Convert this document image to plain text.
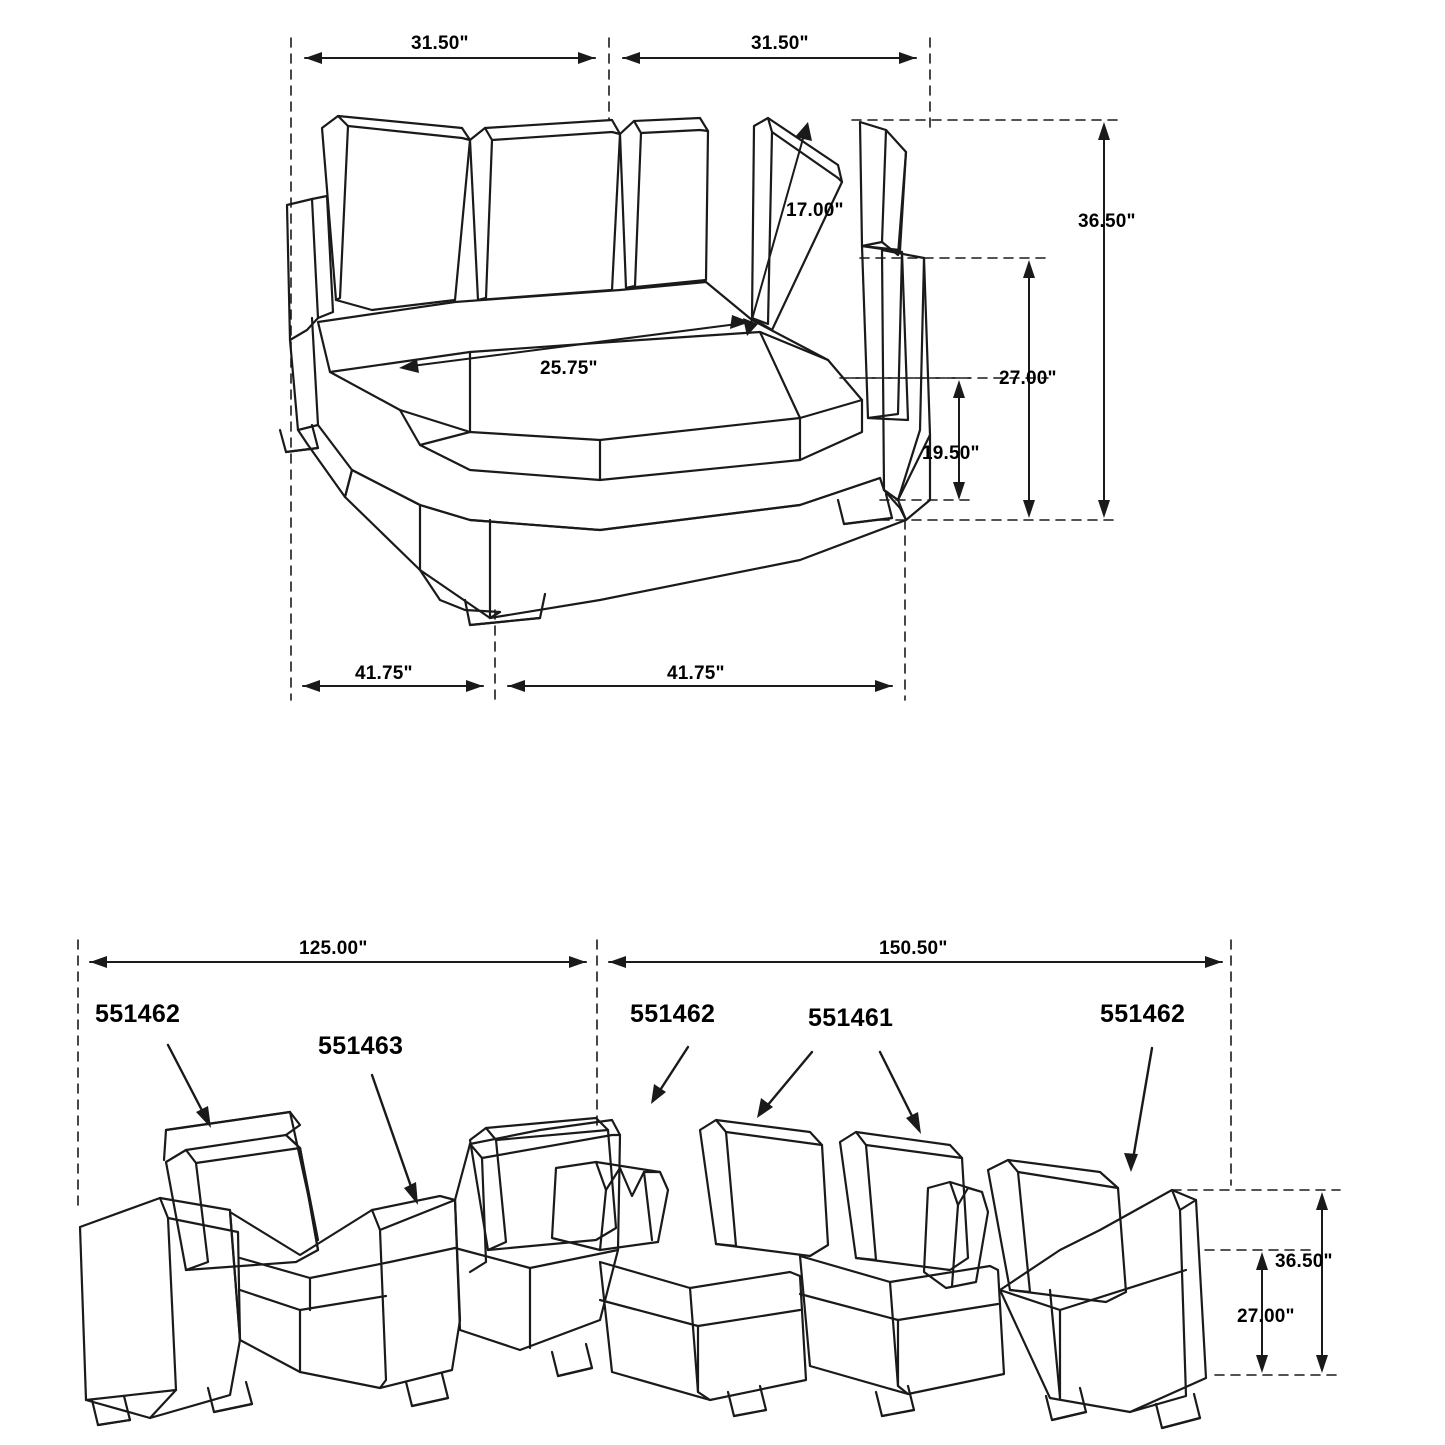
31.50"	31.50"
17.00"
36.50"
25.75"	27.00"
19.50"
41.75"	41.75"
125.00"	150.50"
36.50"
27.00"
551462
551463
551462	551461	551462
